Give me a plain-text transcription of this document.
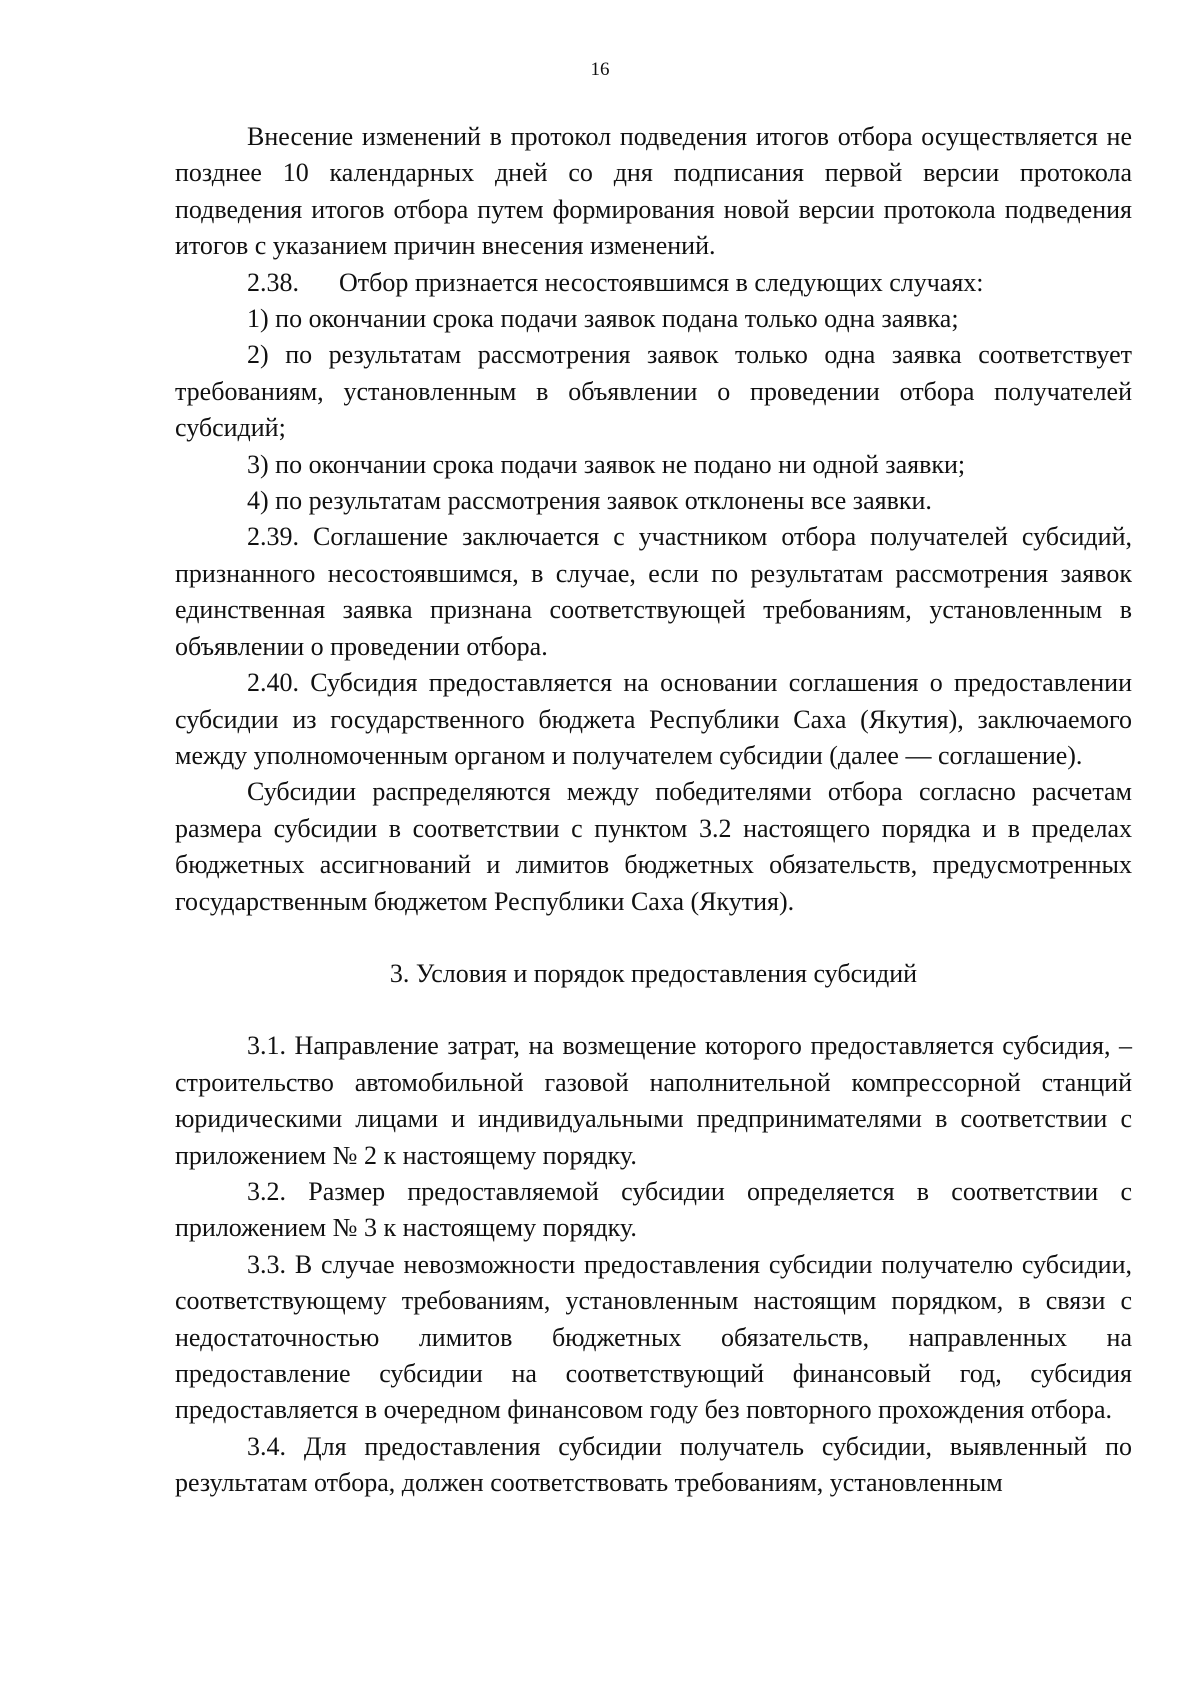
16

Внесение изменений в протокол подведения итогов отбора осуществляется не позднее 10 календарных дней со дня подписания первой версии протокола подведения итогов отбора путем формирования новой версии протокола подведения итогов с указанием причин внесения изменений.

2.38. Отбор признается несостоявшимся в следующих случаях:

1) по окончании срока подачи заявок подана только одна заявка;

2) по результатам рассмотрения заявок только одна заявка соответствует требованиям, установленным в объявлении о проведении отбора получателей субсидий;

3) по окончании срока подачи заявок не подано ни одной заявки;

4) по результатам рассмотрения заявок отклонены все заявки.

2.39. Соглашение заключается с участником отбора получателей субсидий, признанного несостоявшимся, в случае, если по результатам рассмотрения заявок единственная заявка признана соответствующей требованиям, установленным в объявлении о проведении отбора.

2.40. Субсидия предоставляется на основании соглашения о предоставлении субсидии из государственного бюджета Республики Саха (Якутия), заключаемого между уполномоченным органом и получателем субсидии (далее — соглашение).

Субсидии распределяются между победителями отбора согласно расчетам размера субсидии в соответствии с пунктом 3.2 настоящего порядка и в пределах бюджетных ассигнований и лимитов бюджетных обязательств, предусмотренных государственным бюджетом Республики Саха (Якутия).

3. Условия и порядок предоставления субсидий

3.1. Направление затрат, на возмещение которого предоставляется субсидия, – строительство автомобильной газовой наполнительной компрессорной станций юридическими лицами и индивидуальными предпринимателями в соответствии с приложением № 2 к настоящему порядку.

3.2. Размер предоставляемой субсидии определяется в соответствии с приложением № 3 к настоящему порядку.

3.3. В случае невозможности предоставления субсидии получателю субсидии, соответствующему требованиям, установленным настоящим порядком, в связи с недостаточностью лимитов бюджетных обязательств, направленных на предоставление субсидии на соответствующий финансовый год, субсидия предоставляется в очередном финансовом году без повторного прохождения отбора.

3.4. Для предоставления субсидии получатель субсидии, выявленный по результатам отбора, должен соответствовать требованиям, установленным
